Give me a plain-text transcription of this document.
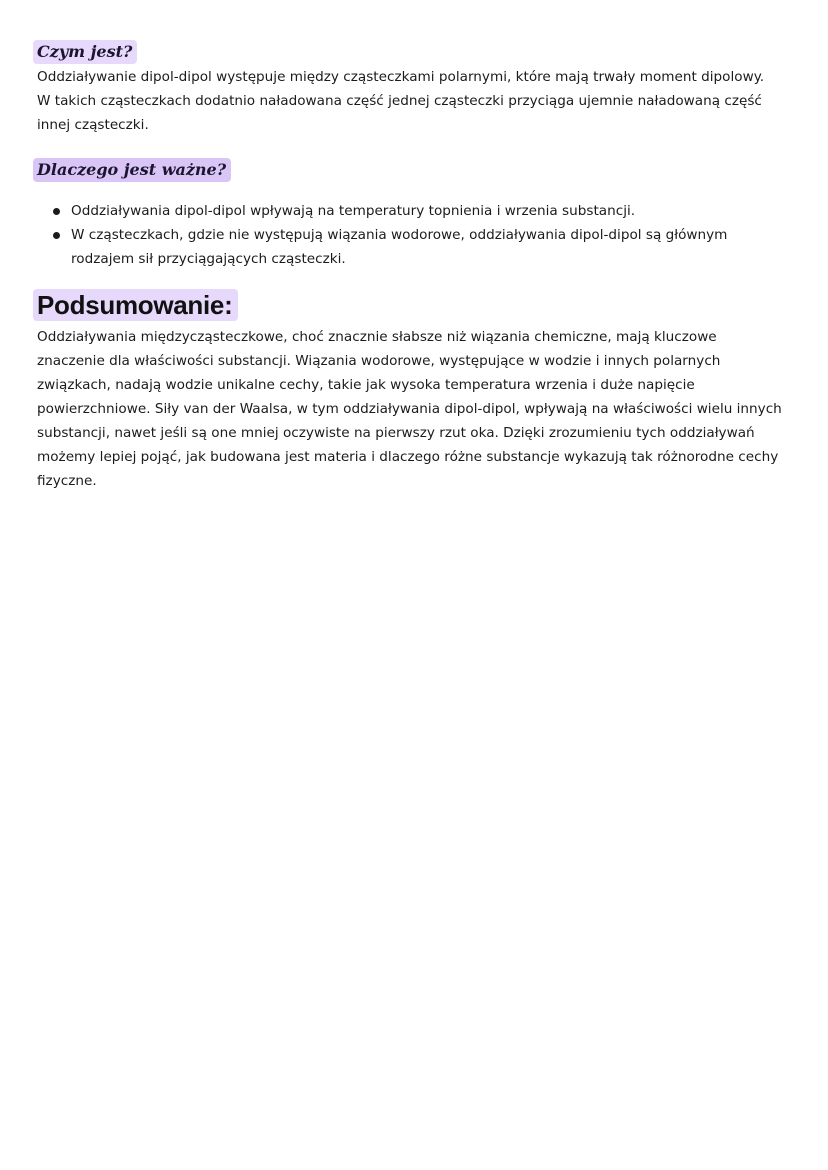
Czym jest?

Oddziaływanie dipol-dipol występuje między cząsteczkami polarnymi, które mają trwały moment dipolowy. W takich cząsteczkach dodatnio naładowana część jednej cząsteczki przyciąga ujemnie naładowaną część innej cząsteczki.

Dlaczego jest ważne?
Oddziaływania dipol-dipol wpływają na temperatury topnienia i wrzenia substancji.
W cząsteczkach, gdzie nie występują wiązania wodorowe, oddziaływania dipol-dipol są głównym rodzajem sił przyciągających cząsteczki.
Podsumowanie:

Oddziaływania międzycząsteczkowe, choć znacznie słabsze niż wiązania chemiczne, mają kluczowe znaczenie dla właściwości substancji. Wiązania wodorowe, występujące w wodzie i innych polarnych związkach, nadają wodzie unikalne cechy, takie jak wysoka temperatura wrzenia i duże napięcie powierzchniowe. Siły van der Waalsa, w tym oddziaływania dipol-dipol, wpływają na właściwości wielu innych substancji, nawet jeśli są one mniej oczywiste na pierwszy rzut oka. Dzięki zrozumieniu tych oddziaływań możemy lepiej pojąć, jak budowana jest materia i dlaczego różne substancje wykazują tak różnorodne cechy fizyczne.
